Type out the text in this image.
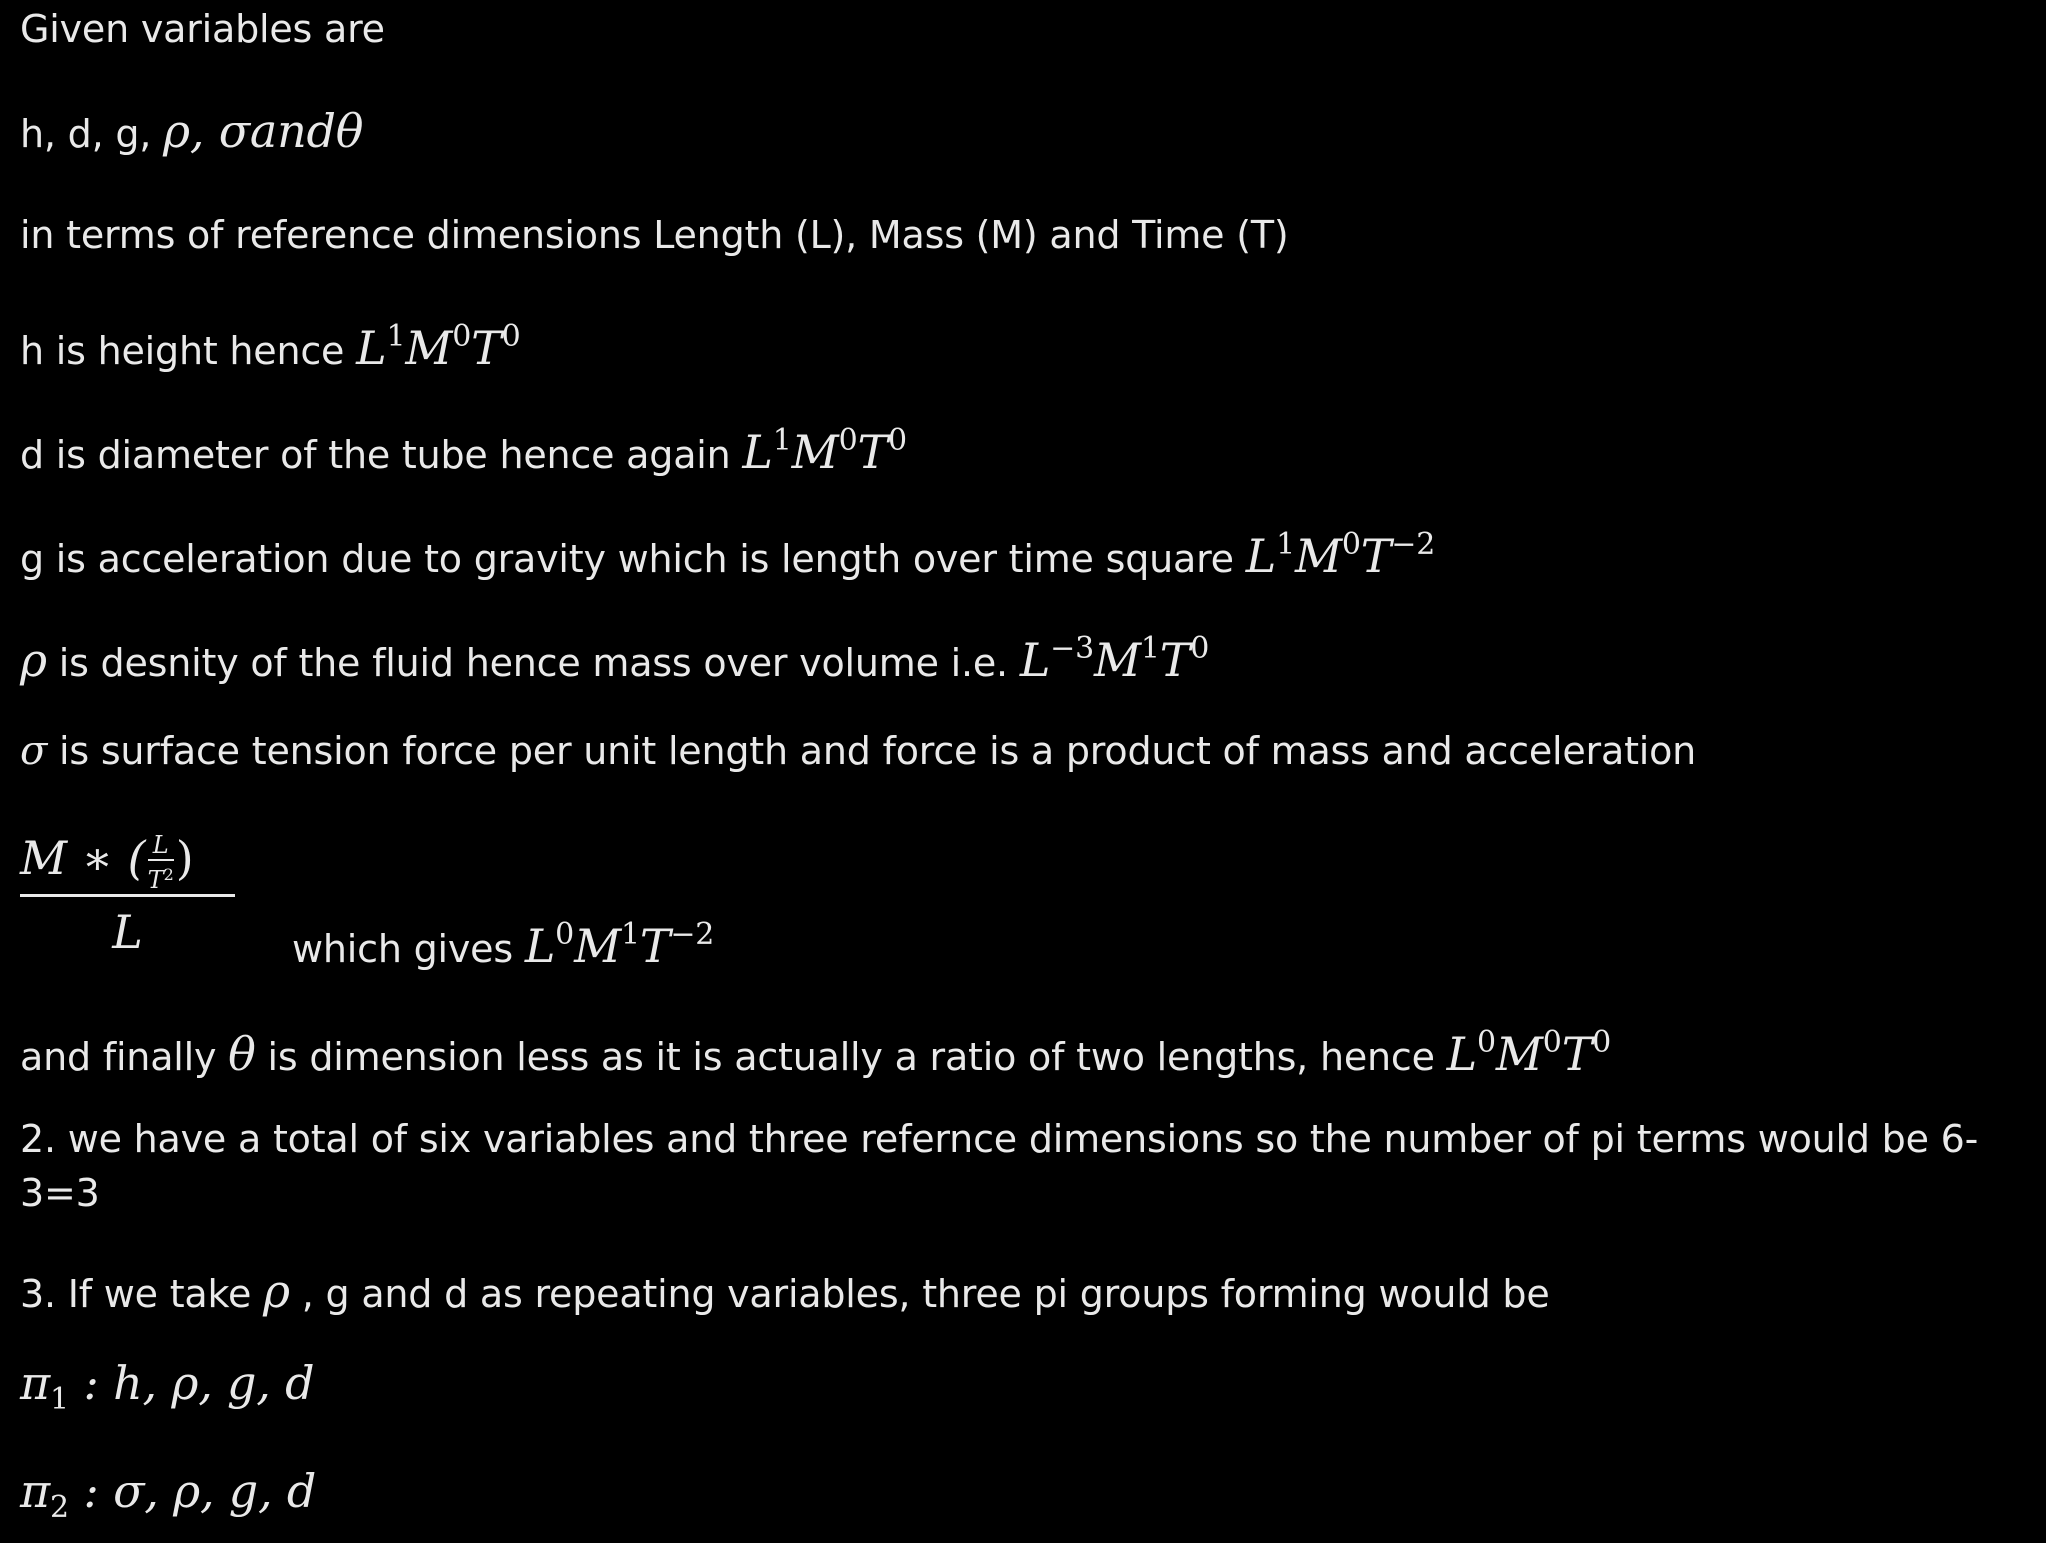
Given variables are
h, d, g, ρ, σandθ
in terms of reference dimensions Length (L), Mass (M) and Time (T)
h is height hence $L^1M^0T^0$
d is diameter of the tube hence again $L^1M^0T^0$
g is acceleration due to gravity which is length over time square $L^1M^0T^{-2}$
ρ is desnity of the fluid hence mass over volume i.e. $L^{-3}M^1T^0$
σ is surface tension force per unit length and force is a product of mass and acceleration
M ∗ ( $\frac{L}{T^2}$ )
L	which gives $L^0M^1T^{-2}$
and finally θ is dimension less as it is actually a ratio of two lengths, hence $L^0M^0T^0$
2. we have a total of six variables and three refernce dimensions so the number of pi terms would be 6-
3=3
3. If we take ρ , g and d as repeating variables, three pi groups forming would be
$\pi_1$ : h, ρ, g, d
$\pi_2$ : σ, ρ, g, d
